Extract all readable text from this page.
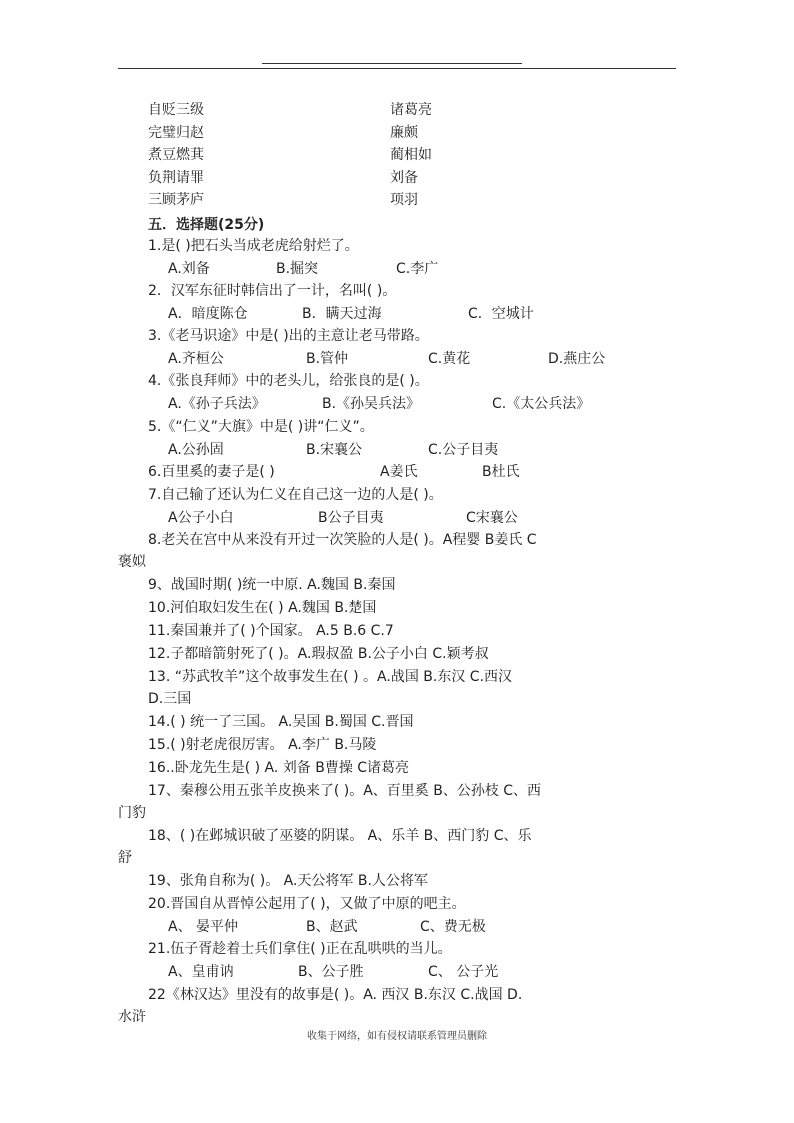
自贬三级	诸葛亮
完璧归赵	廉颇
煮豆燃萁	蔺相如
负荆请罪	刘备
三顾茅庐	项羽
五．选择题(25分)
1.是( )把石头当成老虎给射烂了。
A.刘备	B.掘突	C.李广
2．汉军东征时韩信出了一计，名叫( )。
A．暗度陈仓	B．瞒天过海	C．空城计
3.《老马识途》中是( )出的主意让老马带路。
A.齐桓公	B.管仲	C.黄花	D.燕庄公
4.《张良拜师》中的老头儿，给张良的是( )。
A.《孙子兵法》	B.《孙吴兵法》	C.《太公兵法》
5.《“仁义”大旗》中是( )讲“仁义”。
A.公孙固	B.宋襄公	C.公子目夷
6.百里奚的妻子是( )	A姜氏	B杜氏
7.自己输了还认为仁义在自己这一边的人是( )。
A公子小白	B公子目夷	C宋襄公
8.老关在宫中从来没有开过一次笑脸的人是( )。A程婴 B姜氏 C
褒姒
9、战国时期( )统一中原. A.魏国 B.秦国
10.河伯取妇发生在( ) A.魏国 B.楚国
11.秦国兼并了( )个国家。 A.5 B.6 C.7
12.子都暗箭射死了( )。A.瑕叔盈 B.公子小白 C.颖考叔
13. “苏武牧羊”这个故事发生在( ) 。A.战国 B.东汉 C.西汉
D.三国
14.( ) 统一了三国。 A.吴国 B.蜀国 C.晋国
15.( )射老虎很厉害。 A.李广 B.马陵
16..卧龙先生是( ) A. 刘备 B曹操 C诸葛亮
17、秦穆公用五张羊皮换来了( )。A、百里奚 B、公孙枝 C、西
门豹
18、( )在邺城识破了巫婆的阴谋。 A、乐羊 B、西门豹 C、乐
舒
19、张角自称为( )。 A.天公将军 B.人公将军
20.晋国自从晋悼公起用了( )，又做了中原的吧主。
A、 晏平仲	B、赵武	C、费无极
21.伍子胥趁着士兵们拿住( )正在乱哄哄的当儿。
A、皇甫讷	B、公子胜	C、 公子光
22《林汉达》里没有的故事是( )。A. 西汉 B.东汉 C.战国 D.
水浒
收集于网络，如有侵权请联系管理员删除
